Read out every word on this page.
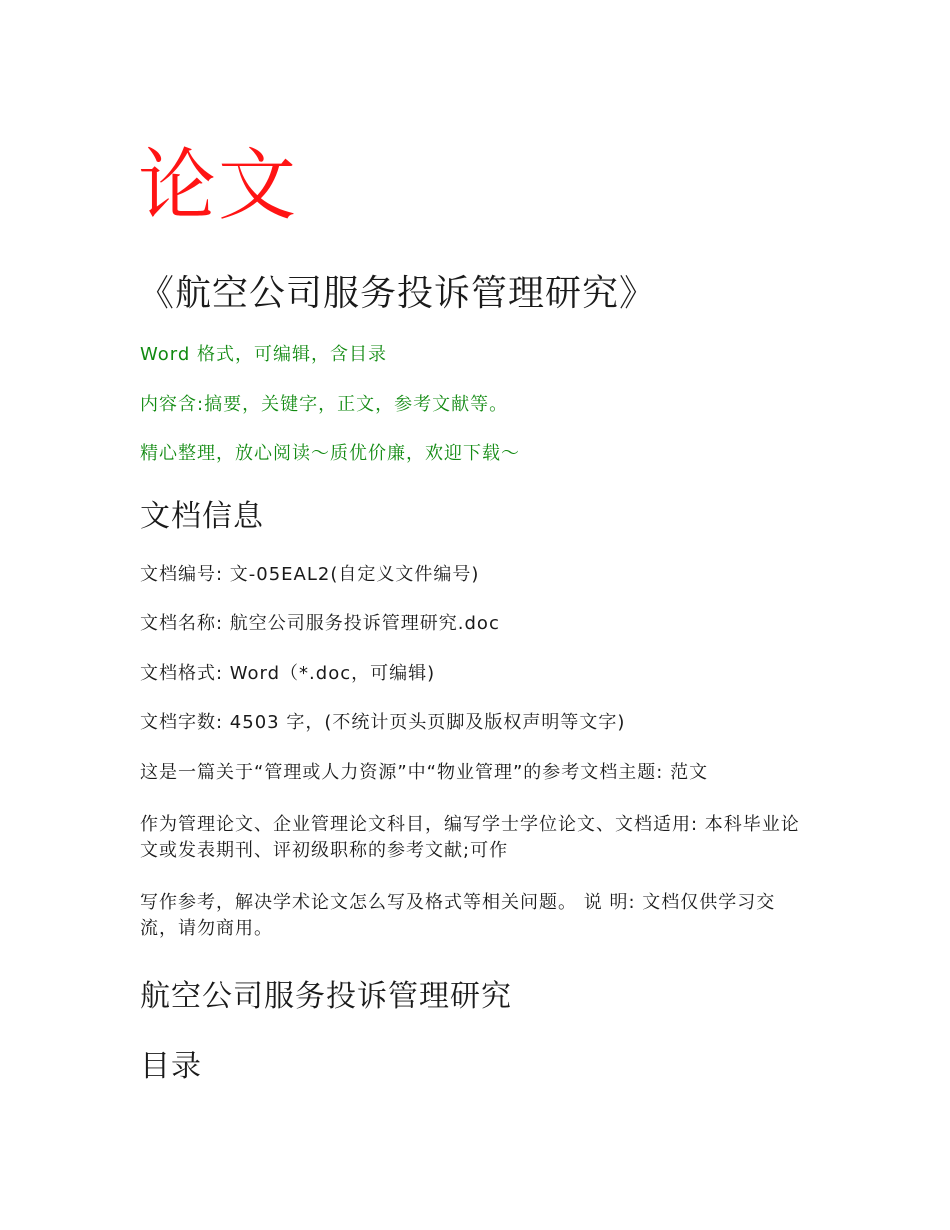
论文
《航空公司服务投诉管理研究》
Word 格式，可编辑，含目录
内容含:搞要，关键字，正文，参考文献等。
精心整理，放心阅读～质优价廉，欢迎下载～
文档信息
文档编号: 文-05EAL2(自定义文件编号)
文档名称: 航空公司服务投诉管理研究.doc
文档格式: Word（*.doc，可编辑)
文档字数: 4503 字，(不统计页头页脚及版权声明等文字)
这是一篇关于“管理或人力资源”中“物业管理”的参考文档主题: 范文
作为管理论文、企业管理论文科目，编写学士学位论文、文档适用: 本科毕业论文或发表期刊、评初级职称的参考文献;可作
写作参考，解决学术论文怎么写及格式等相关问题。 说 明: 文档仅供学习交流，请勿商用。
航空公司服务投诉管理研究
目录
